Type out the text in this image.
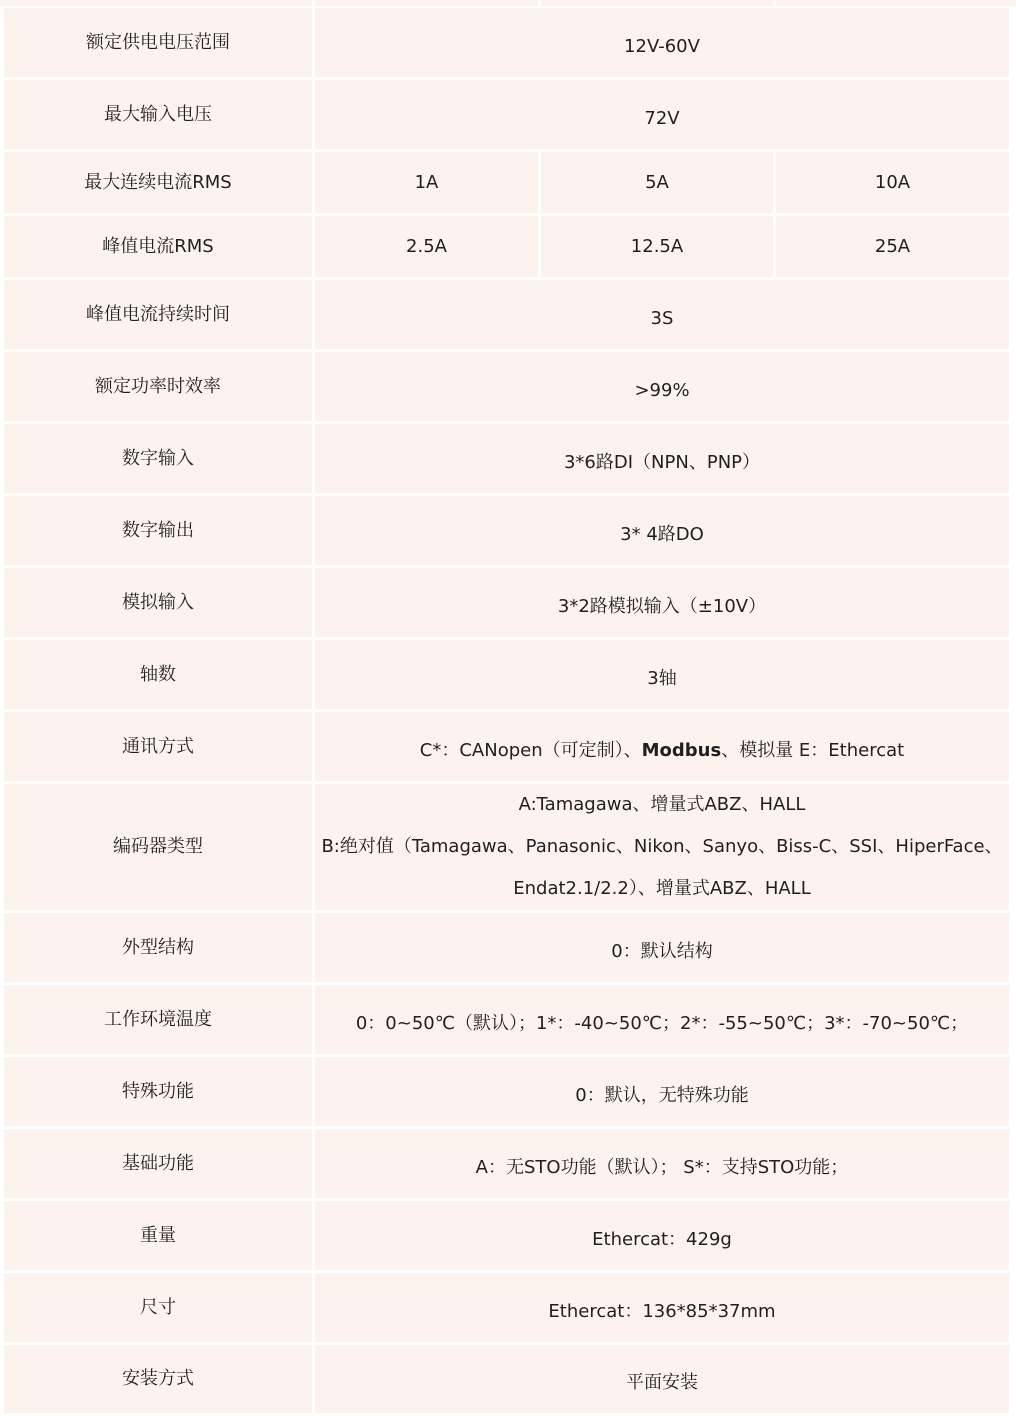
额定供电电压范围	12V-60V		
最大输入电压	72V		
最大连续电流RMS	1A	5A	10A
峰值电流RMS	2.5A	12.5A	25A
峰值电流持续时间	3S		
额定功率时效率	>99%		
数字输入	3*6路DI（NPN、PNP）		
数字输出	3* 4路DO		
模拟输入	3*2路模拟输入（±10V）		
轴数	3轴		
通讯方式	C*：CANopen（可定制）、Modbus、模拟量 E：Ethercat		
编码器类型	A:Tamagawa、增量式ABZ、HALL
B:绝对值（Tamagawa、Panasonic、Nikon、Sanyo、Biss-C、SSI、HiperFace、
Endat2.1/2.2）、增量式ABZ、HALL		

外型结构	0：默认结构		
工作环境温度	0：0~50℃（默认）；1*：-40~50℃；2*：-55~50℃；3*：-70~50℃；		
特殊功能	0：默认，无特殊功能		
基础功能	A：无STO功能（默认）； S*：支持STO功能；		
重量	Ethercat：429g		
尺寸	Ethercat：136*85*37mm		
安装方式	平面安装		
